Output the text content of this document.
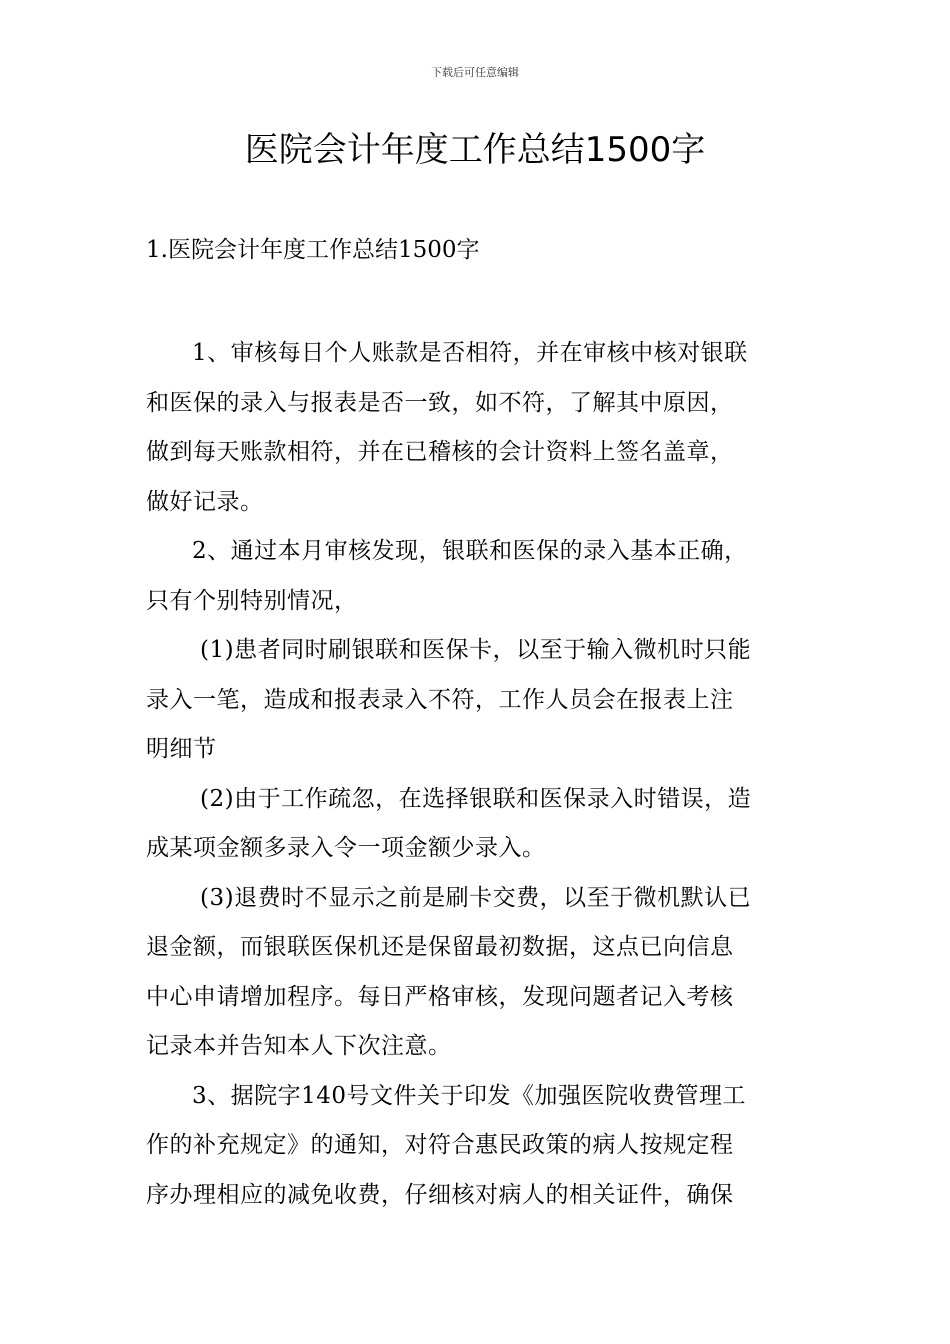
下载后可任意编辑
医院会计年度工作总结1500字
1.医院会计年度工作总结1500字

1、审核每日个人账款是否相符，并在审核中核对银联
和医保的录入与报表是否一致，如不符，了解其中原因，
做到每天账款相符，并在已稽核的会计资料上签名盖章，
做好记录。

2、通过本月审核发现，银联和医保的录入基本正确，
只有个别特别情况，

(1)患者同时刷银联和医保卡，以至于输入微机时只能
录入一笔，造成和报表录入不符，工作人员会在报表上注
明细节

(2)由于工作疏忽，在选择银联和医保录入时错误，造
成某项金额多录入令一项金额少录入。

(3)退费时不显示之前是刷卡交费，以至于微机默认已
退金额，而银联医保机还是保留最初数据，这点已向信息
中心申请增加程序。每日严格审核，发现问题者记入考核
记录本并告知本人下次注意。

3、据院字140号文件关于印发《加强医院收费管理工
作的补充规定》的通知，对符合惠民政策的病人按规定程
序办理相应的减免收费，仔细核对病人的相关证件，确保
